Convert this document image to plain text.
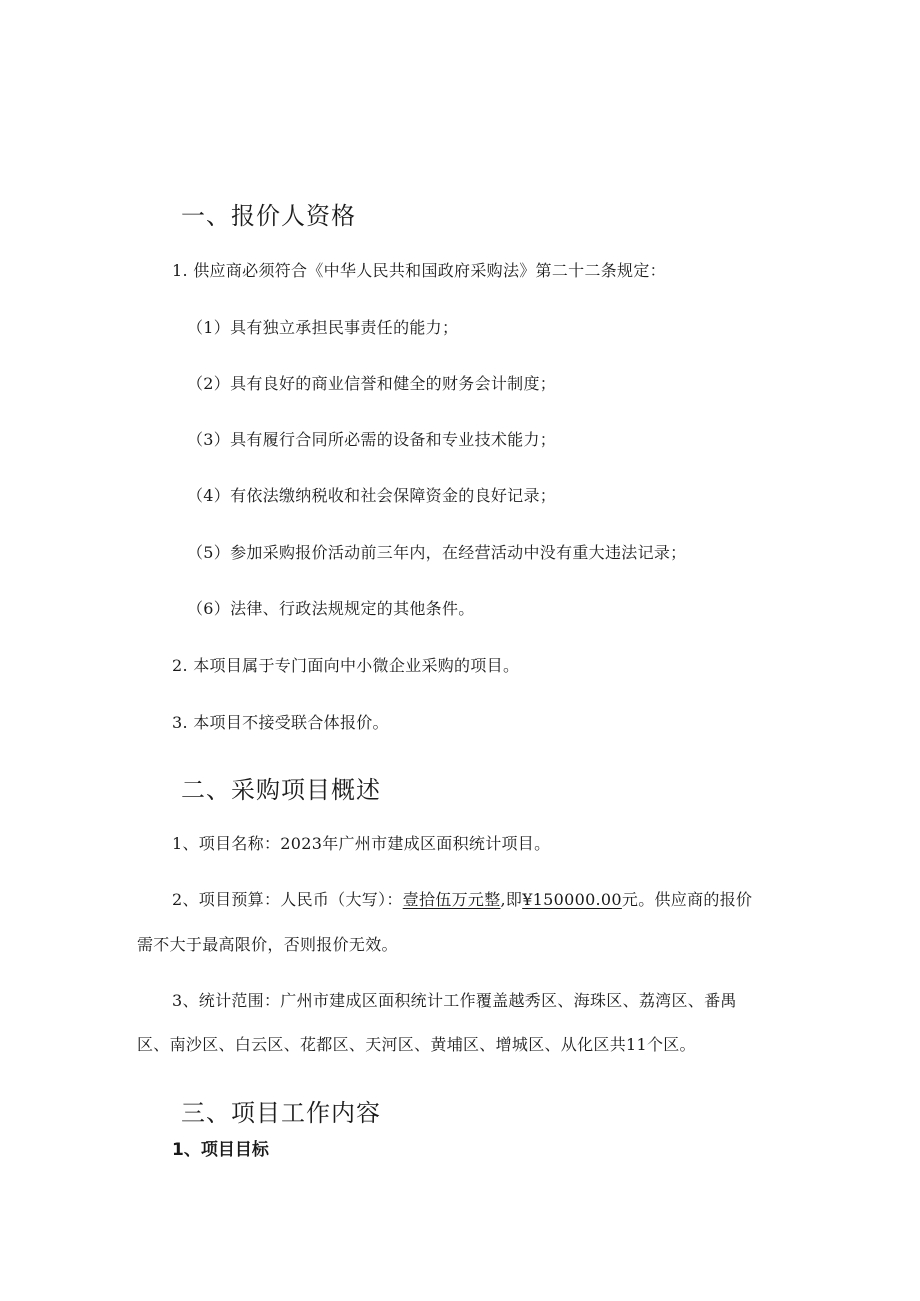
一、报价人资格
1. 供应商必须符合《中华人民共和国政府采购法》第二十二条规定：
（1）具有独立承担民事责任的能力；
（2）具有良好的商业信誉和健全的财务会计制度；
（3）具有履行合同所必需的设备和专业技术能力；
（4）有依法缴纳税收和社会保障资金的良好记录；
（5）参加采购报价活动前三年内，在经营活动中没有重大违法记录；
（6）法律、行政法规规定的其他条件。
2. 本项目属于专门面向中小微企业采购的项目。
3. 本项目不接受联合体报价。
二、采购项目概述
1、项目名称：2023年广州市建成区面积统计项目。
2、项目预算：人民币（大写）：壹拾伍万元整,即¥150000.00元。供应商的报价
需不大于最高限价，否则报价无效。
3、统计范围：广州市建成区面积统计工作覆盖越秀区、海珠区、荔湾区、番禺
区、南沙区、白云区、花都区、天河区、黄埔区、增城区、从化区共11个区。
三、项目工作内容
1、项目目标
